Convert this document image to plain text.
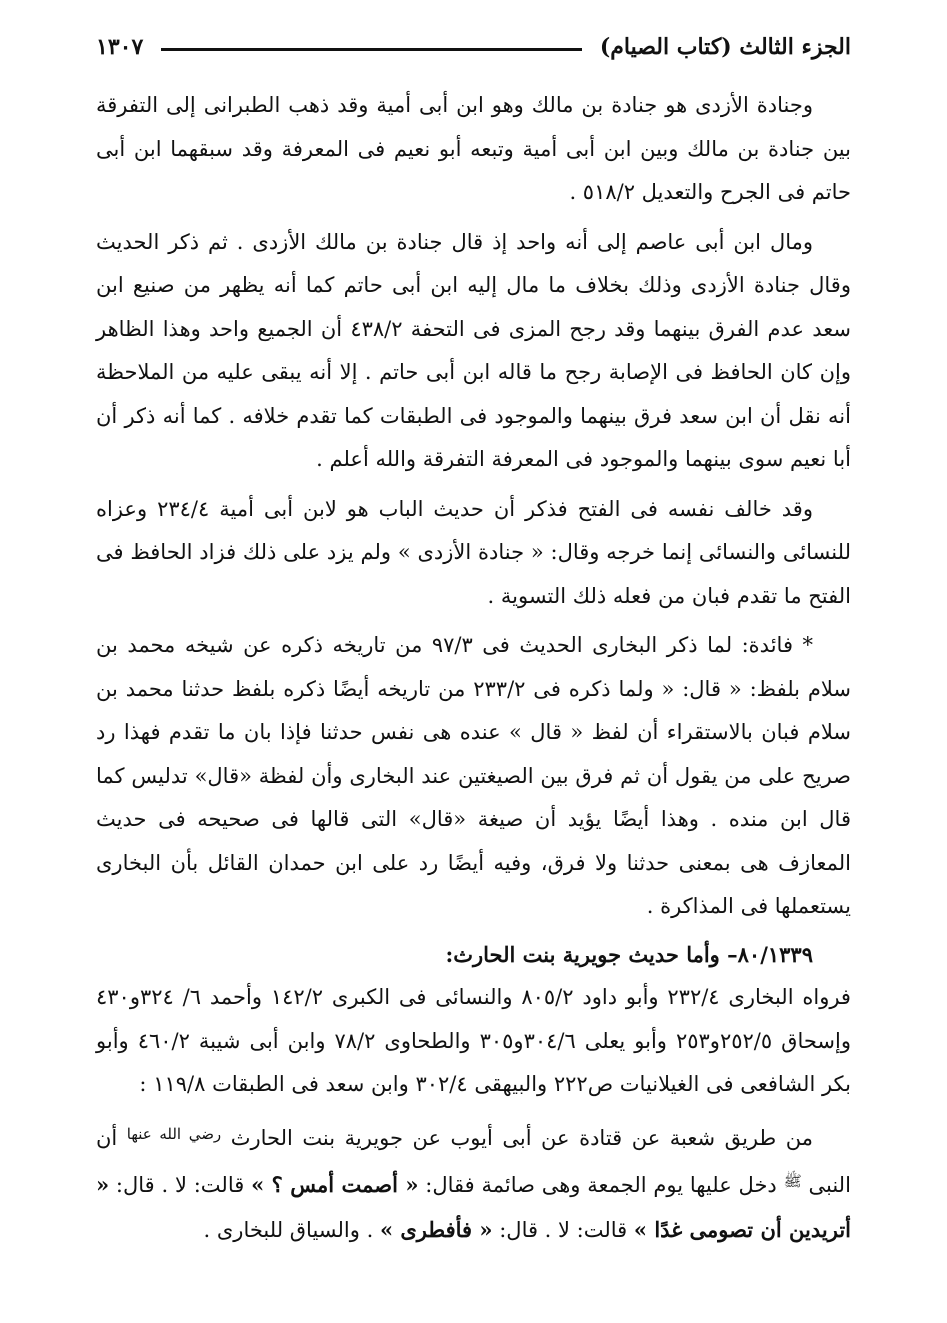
الجزء الثالث (كتاب الصيام)
١٣٠٧

وجنادة الأزدى هو جنادة بن مالك وهو ابن أبى أمية وقد ذهب الطبرانى إلى التفرقة بين جنادة بن مالك وبين ابن أبى أمية وتبعه أبو نعيم فى المعرفة وقد سبقهما ابن أبى حاتم فى الجرح والتعديل ٥١٨/٢ .

ومال ابن أبى عاصم إلى أنه واحد إذ قال جنادة بن مالك الأزدى . ثم ذكر الحديث وقال جنادة الأزدى وذلك بخلاف ما مال إليه ابن أبى حاتم كما أنه يظهر من صنيع ابن سعد عدم الفرق بينهما وقد رجح المزى فى التحفة ٤٣٨/٢ أن الجميع واحد وهذا الظاهر وإن كان الحافظ فى الإصابة رجح ما قاله ابن أبى حاتم . إلا أنه يبقى عليه من الملاحظة أنه نقل أن ابن سعد فرق بينهما والموجود فى الطبقات كما تقدم خلافه . كما أنه ذكر أن أبا نعيم سوى بينهما والموجود فى المعرفة التفرقة والله أعلم .

وقد خالف نفسه فى الفتح فذكر أن حديث الباب هو لابن أبى أمية ٢٣٤/٤ وعزاه للنسائى والنسائى إنما خرجه وقال: « جنادة الأزدى » ولم يزد على ذلك فزاد الحافظ فى الفتح ما تقدم فبان من فعله ذلك التسوية .

* فائدة: لما ذكر البخارى الحديث فى ٩٧/٣ من تاريخه ذكره عن شيخه محمد بن سلام بلفظ: « قال: « ولما ذكره فى ٢٣٣/٢ من تاريخه أيضًا ذكره بلفظ حدثنا محمد بن سلام فبان بالاستقراء أن لفظ « قال » عنده هى نفس حدثنا فإذا بان ما تقدم فهذا رد صريح على من يقول أن ثم فرق بين الصيغتين عند البخارى وأن لفظة «قال» تدليس كما قال ابن منده . وهذا أيضًا يؤيد أن صيغة «قال» التى قالها فى صحيحه فى حديث المعازف هى بمعنى حدثنا ولا فرق، وفيه أيضًا رد على ابن حمدان القائل بأن البخارى يستعملها فى المذاكرة .

٨٠/١٣٣٩– وأما حديث جويرية بنت الحارث:

فرواه البخارى ٢٣٢/٤ وأبو داود ٨٠٥/٢ والنسائى فى الكبرى ١٤٢/٢ وأحمد ٦/ ٣٢٤و٤٣٠ وإسحاق ٢٥٢/٥و٢٥٣ وأبو يعلى ٣٠٤/٦و٣٠٥ والطحاوى ٧٨/٢ وابن أبى شيبة ٤٦٠/٢ وأبو بكر الشافعى فى الغيلانيات ص٢٢٢ والبيهقى ٣٠٢/٤ وابن سعد فى الطبقات ١١٩/٨ :

من طريق شعبة عن قتادة عن أبى أيوب عن جويرية بنت الحارث $^{رضي الله عنها}$ أن النبى $^ﷺ$ دخل عليها يوم الجمعة وهى صائمة فقال: « أصمت أمس ؟ » قالت: لا . قال: « أتريدين أن تصومى غدًا » قالت: لا . قال: « فأفطرى » . والسياق للبخارى .
